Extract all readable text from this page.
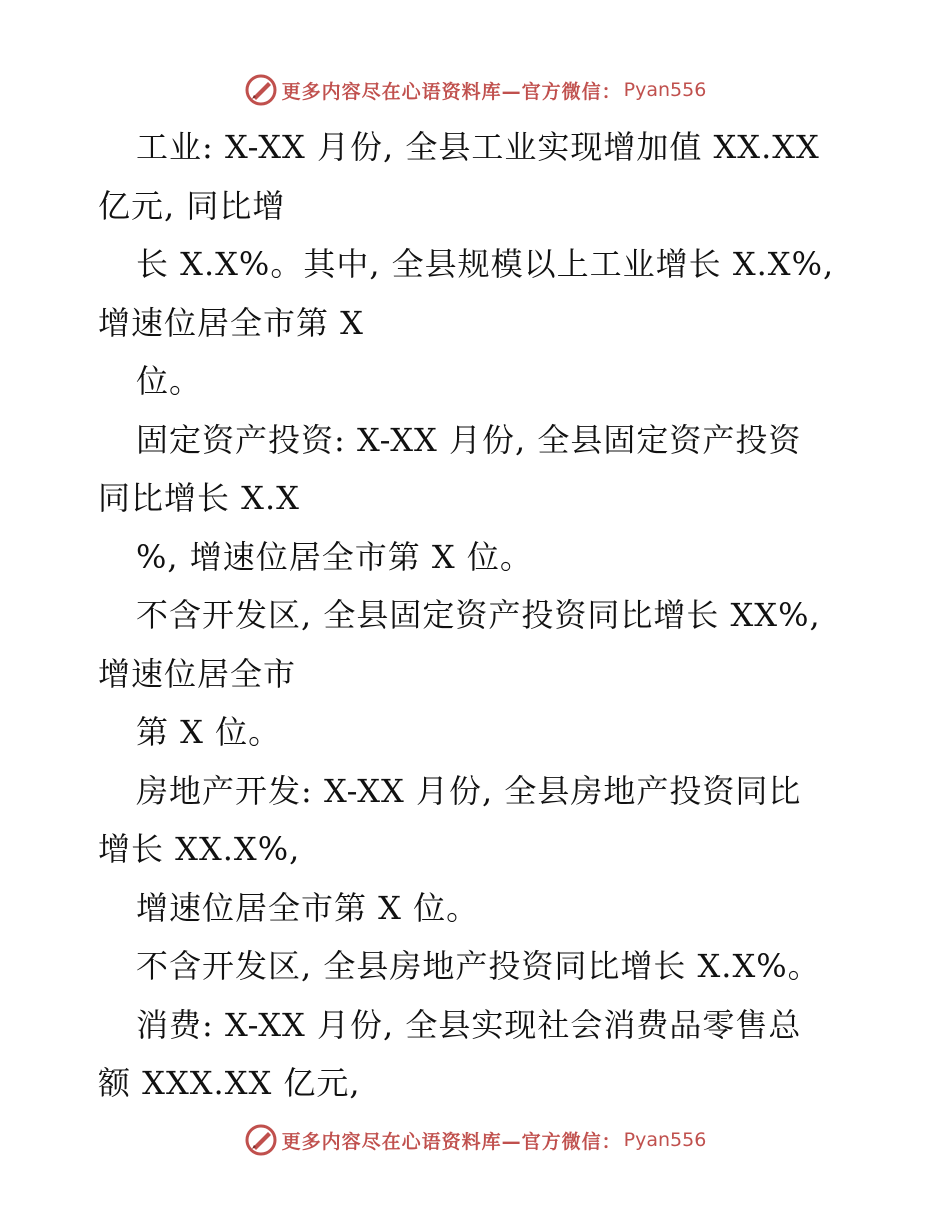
更多内容尽在心语资料库—官方微信： Pyan556
工业: X-XX 月份, 全县工业实现增加值 XX.XX
亿元, 同比增
长 X.X%。其中, 全县规模以上工业增长 X.X%,
增速位居全市第 X
位。
固定资产投资: X-XX 月份, 全县固定资产投资
同比增长 X.X
%, 增速位居全市第 X 位。
不含开发区, 全县固定资产投资同比增长 XX%,
增速位居全市
第 X 位。
房地产开发: X-XX 月份, 全县房地产投资同比
增长 XX.X%,
增速位居全市第 X 位。
不含开发区, 全县房地产投资同比增长 X.X%。
消费: X-XX 月份, 全县实现社会消费品零售总
额 XXX.XX 亿元,
更多内容尽在心语资料库—官方微信： Pyan556
